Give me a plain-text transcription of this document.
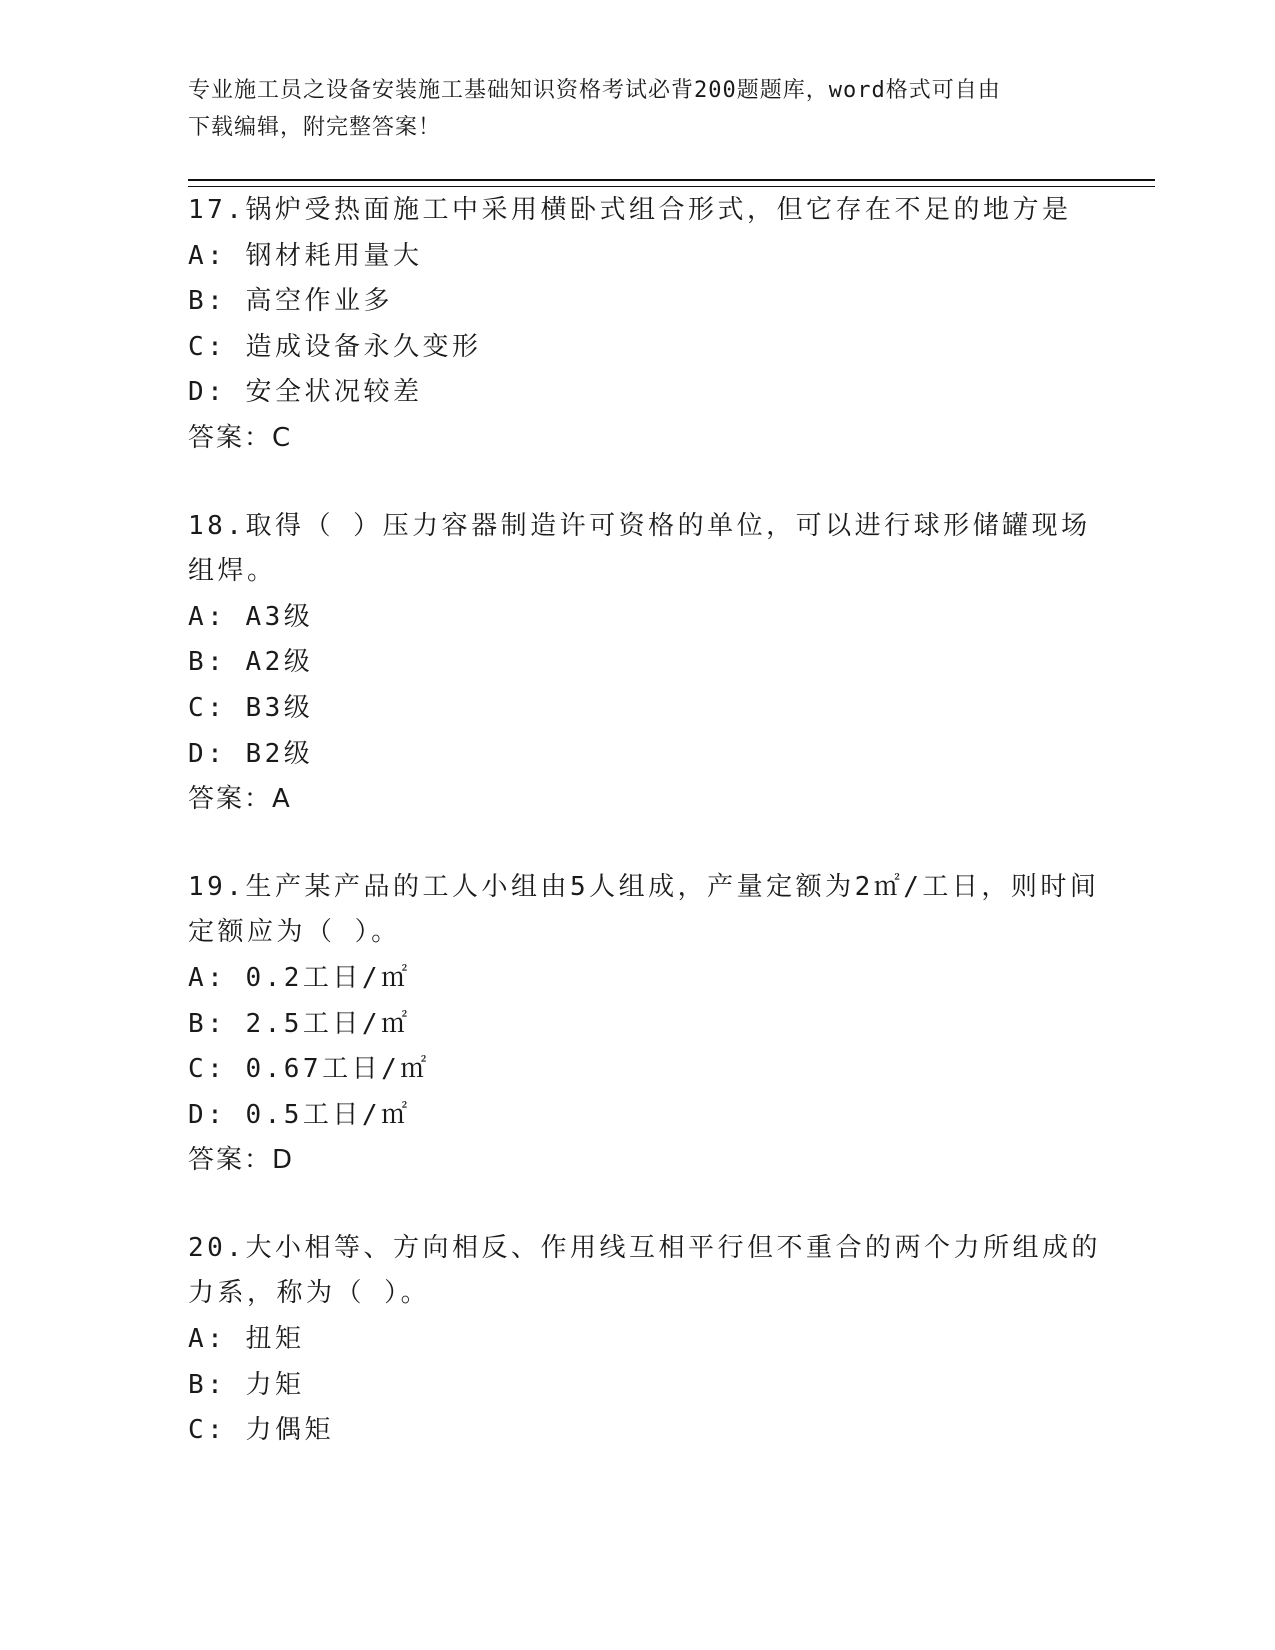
专业施工员之设备安装施工基础知识资格考试必背200题题库，word格式可自由
下载编辑，附完整答案！
17.锅炉受热面施工中采用横卧式组合形式，但它存在不足的地方是
A: 钢材耗用量大
B: 高空作业多
C: 造成设备永久变形
D: 安全状况较差
答案：C
18.取得（ ）压力容器制造许可资格的单位，可以进行球形储罐现场
组焊。
A: A3级
B: A2级
C: B3级
D: B2级
答案：A
19.生产某产品的工人小组由5人组成，产量定额为2㎡/工日，则时间
定额应为（ ）。
A: 0.2工日/㎡
B: 2.5工日/㎡
C: 0.67工日/㎡
D: 0.5工日/㎡
答案：D
20.大小相等、方向相反、作用线互相平行但不重合的两个力所组成的
力系，称为（ ）。
A: 扭矩
B: 力矩
C: 力偶矩
